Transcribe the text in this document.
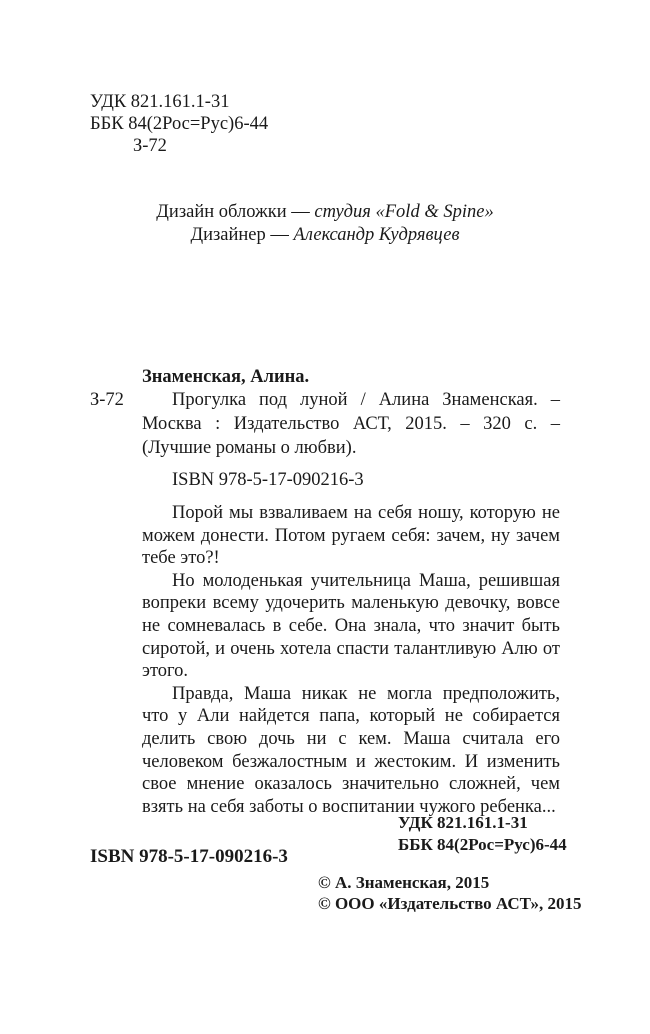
УДК 821.161.1-31
ББК 84(2Рос=Рус)6-44
З-72
Дизайн обложки — студия «Fold & Spine»
Дизайнер — Александр Кудрявцев
Знаменская, Алина.
З-72	Прогулка под луной / Алина Знаменская. –
Москва : Издательство АСТ, 2015. – 320 с. –
(Лучшие романы о любви).
ISBN 978-5-17-090216-3

Порой мы взваливаем на себя ношу, которую не можем донести. Потом ругаем себя: зачем, ну зачем тебе это?!

Но молоденькая учительница Маша, решившая вопреки всему удочерить маленькую девочку, вовсе не сомневалась в себе. Она знала, что значит быть сиротой, и очень хотела спасти талантливую Алю от этого.

Правда, Маша никак не могла предположить, что у Али найдется папа, который не собирается делить свою дочь ни с кем. Маша считала его человеком безжалостным и жестоким. И изменить свое мнение оказалось значительно сложней, чем взять на себя заботы о воспитании чужого ребенка...

УДК 821.161.1-31
ББК 84(2Рос=Рус)6-44
ISBN 978-5-17-090216-3
© А. Знаменская, 2015
© ООО «Издательство АСТ», 2015
